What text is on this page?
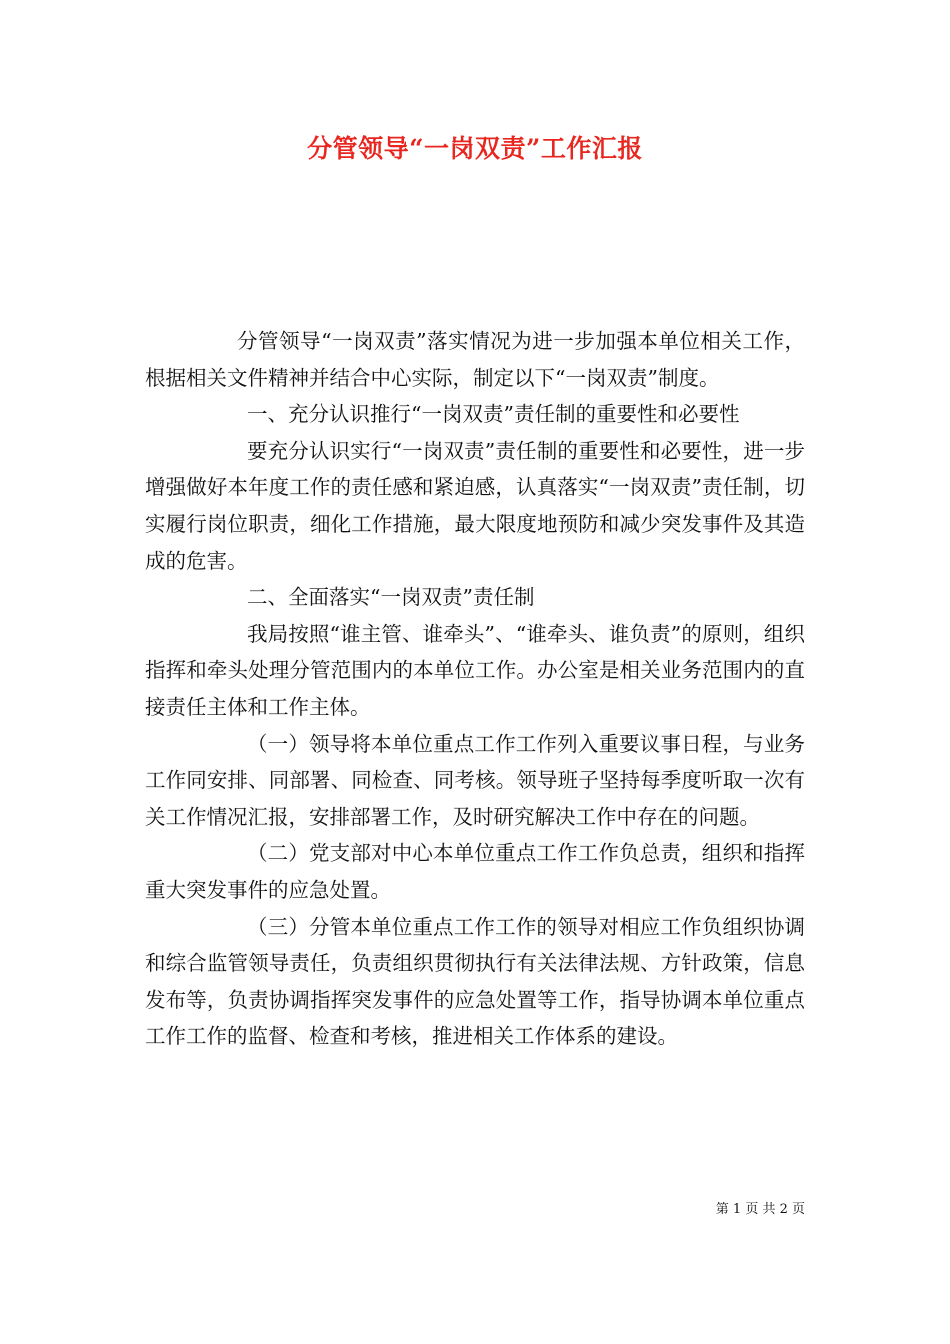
分管领导“一岗双责”工作汇报

分管领导“一岗双责”落实情况为进一步加强本单位相关工作，根据相关文件精神并结合中心实际，制定以下“一岗双责”制度。

一、充分认识推行“一岗双责”责任制的重要性和必要性

要充分认识实行“一岗双责”责任制的重要性和必要性，进一步增强做好本年度工作的责任感和紧迫感，认真落实“一岗双责”责任制，切实履行岗位职责，细化工作措施，最大限度地预防和减少突发事件及其造成的危害。

二、全面落实“一岗双责”责任制

我局按照“谁主管、谁牵头”、“谁牵头、谁负责”的原则，组织指挥和牵头处理分管范围内的本单位工作。办公室是相关业务范围内的直接责任主体和工作主体。

（一）领导将本单位重点工作工作列入重要议事日程，与业务工作同安排、同部署、同检查、同考核。领导班子坚持每季度听取一次有关工作情况汇报，安排部署工作，及时研究解决工作中存在的问题。

（二）党支部对中心本单位重点工作工作负总责，组织和指挥重大突发事件的应急处置。

（三）分管本单位重点工作工作的领导对相应工作负组织协调和综合监管领导责任，负责组织贯彻执行有关法律法规、方针政策，信息发布等，负责协调指挥突发事件的应急处置等工作，指导协调本单位重点工作工作的监督、检查和考核，推进相关工作体系的建设。

第 1 页 共 2 页
